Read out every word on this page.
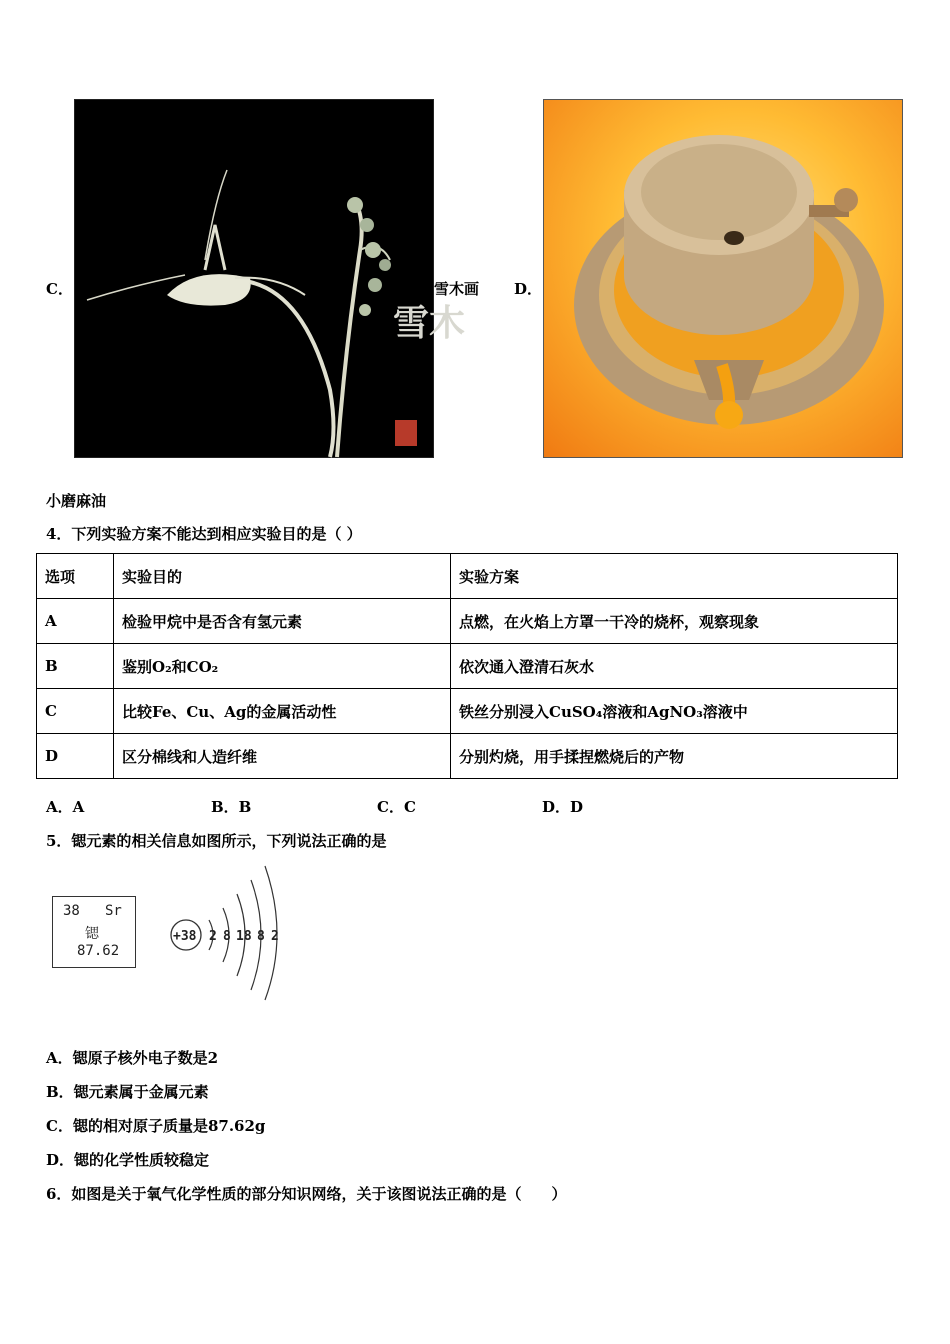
C．
雪木
雪木画 D．
小磨麻油
4．下列实验方案不能达到相应实验目的是（ ）
选项	实验目的	实验方案
A	检验甲烷中是否含有氢元素	点燃，在火焰上方罩一干冷的烧杯，观察现象
B	鉴别O₂和CO₂	依次通入澄清石灰水
C	比较Fe、Cu、Ag的金属活动性	铁丝分别浸入CuSO₄溶液和AgNO₃溶液中
D	区分棉线和人造纤维	分别灼烧，用手揉捏燃烧后的产物
A．A	B．B	C．C	D．D
5．锶元素的相关信息如图所示，下列说法正确的是
38 Sr
锶
87.62
+38 2 8 18 8 2
A．锶原子核外电子数是2
B．锶元素属于金属元素
C．锶的相对原子质量是87.62g
D．锶的化学性质较稳定
6．如图是关于氧气化学性质的部分知识网络，关于该图说法正确的是（　　）
